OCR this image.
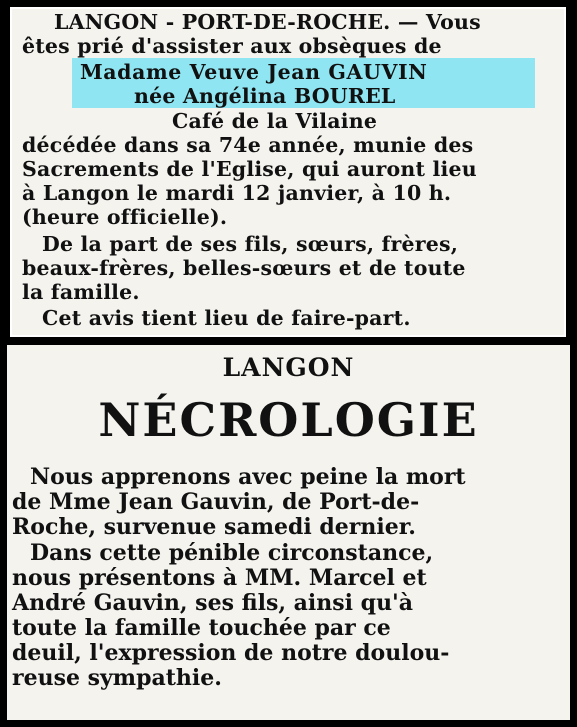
LANGON - PORT-DE-ROCHE. — Vous
êtes prié d'assister aux obsèques de
Madame Veuve Jean GAUVIN
née Angélina BOUREL
Café de la Vilaine
décédée dans sa 74e année, munie des
Sacrements de l'Eglise, qui auront lieu
à Langon le mardi 12 janvier, à 10 h.
(heure officielle).
De la part de ses fils, sœurs, frères,
beaux-frères, belles-sœurs et de toute
la famille.
Cet avis tient lieu de faire-part.
LANGON
NÉCROLOGIE
Nous apprenons avec peine la mort
de Mme Jean Gauvin, de Port-de-
Roche, survenue samedi dernier.
Dans cette pénible circonstance,
nous présentons à MM. Marcel et
André Gauvin, ses fils, ainsi qu'à
toute la famille touchée par ce
deuil, l'expression de notre doulou-
reuse sympathie.
